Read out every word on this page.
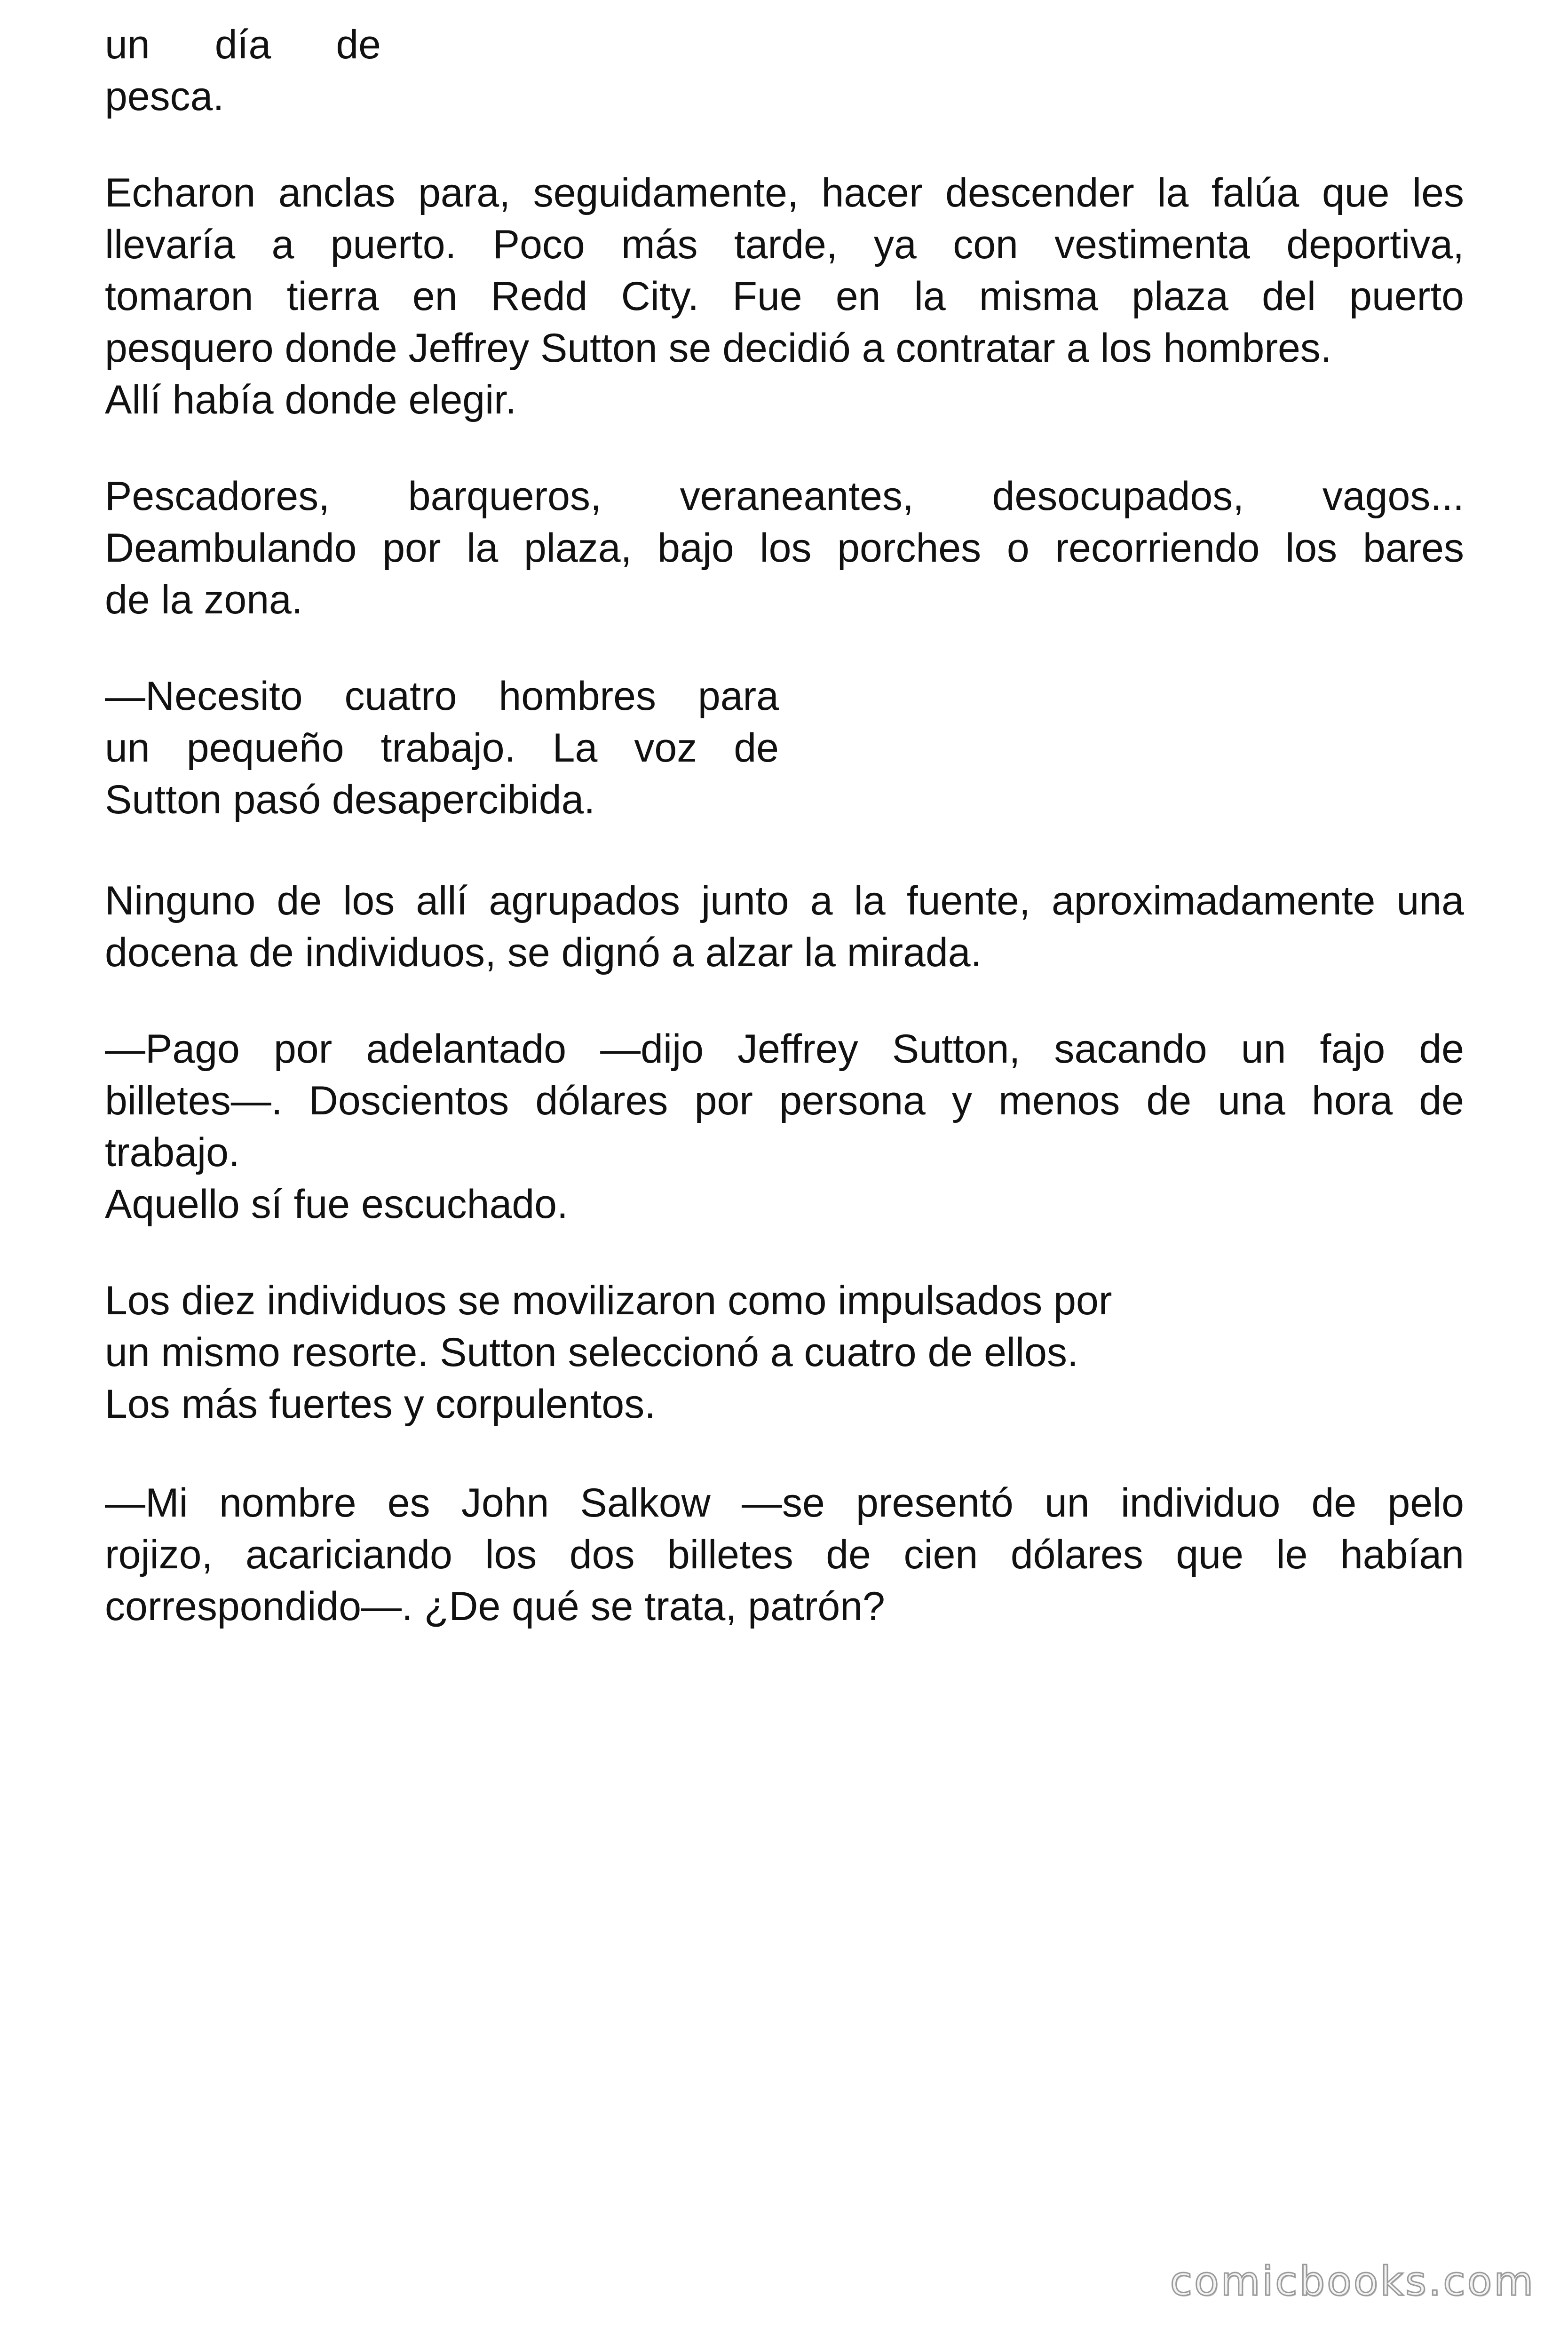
un día de
pesca.
Echaron anclas para, seguidamente, hacer descender la falúa que les
llevaría a puerto. Poco más tarde, ya con vestimenta deportiva,
tomaron tierra en Redd City. Fue en la misma plaza del puerto
pesquero donde Jeffrey Sutton se decidió a contratar a los hombres.
Allí había donde elegir.
Pescadores, barqueros, veraneantes, desocupados, vagos...
Deambulando por la plaza, bajo los porches o recorriendo los bares
de la zona.
—Necesito cuatro hombres para
un pequeño trabajo. La voz de
Sutton pasó desapercibida.
Ninguno de los allí agrupados junto a la fuente, aproximadamente una
docena de individuos, se dignó a alzar la mirada.
—Pago por adelantado —dijo Jeffrey Sutton, sacando un fajo de
billetes—. Doscientos dólares por persona y menos de una hora de
trabajo.
Aquello sí fue escuchado.
Los diez individuos se movilizaron como impulsados por
un mismo resorte. Sutton seleccionó a cuatro de ellos.
Los más fuertes y corpulentos.
—Mi nombre es John Salkow —se presentó un individuo de pelo
rojizo, acariciando los dos billetes de cien dólares que le habían
correspondido—. ¿De qué se trata, patrón?
comicbooks.com
